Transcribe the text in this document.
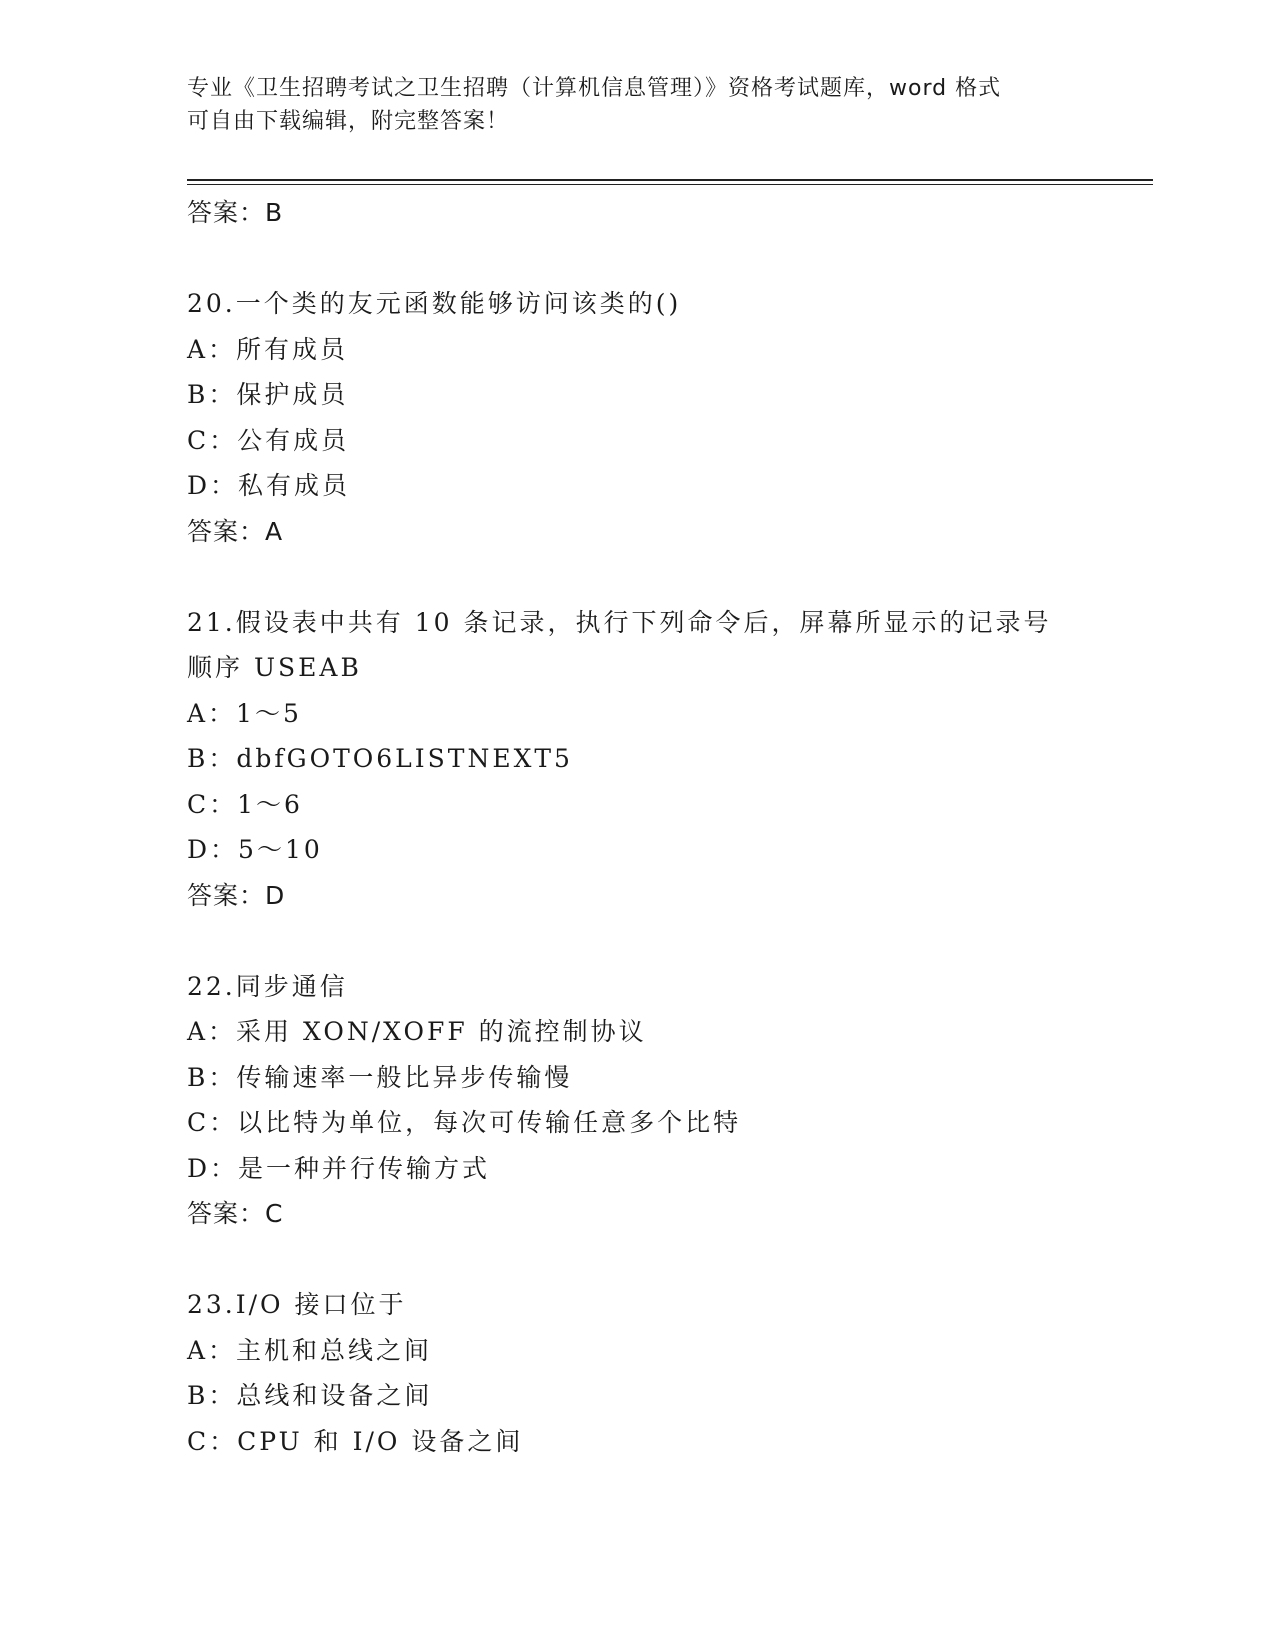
专业《卫生招聘考试之卫生招聘（计算机信息管理）》资格考试题库，word 格式
可自由下载编辑，附完整答案！
答案：B
20.一个类的友元函数能够访问该类的()
A：所有成员
B：保护成员
C：公有成员
D：私有成员
答案：A
21.假设表中共有 10 条记录，执行下列命令后，屏幕所显示的记录号
顺序 USEAB
A：1～5
B：dbfGOTO6LISTNEXT5
C：1～6
D：5～10
答案：D
22.同步通信
A：采用 XON/XOFF 的流控制协议
B：传输速率一般比异步传输慢
C：以比特为单位，每次可传输任意多个比特
D：是一种并行传输方式
答案：C
23.I/O 接口位于
A：主机和总线之间
B：总线和设备之间
C：CPU 和 I/O 设备之间
